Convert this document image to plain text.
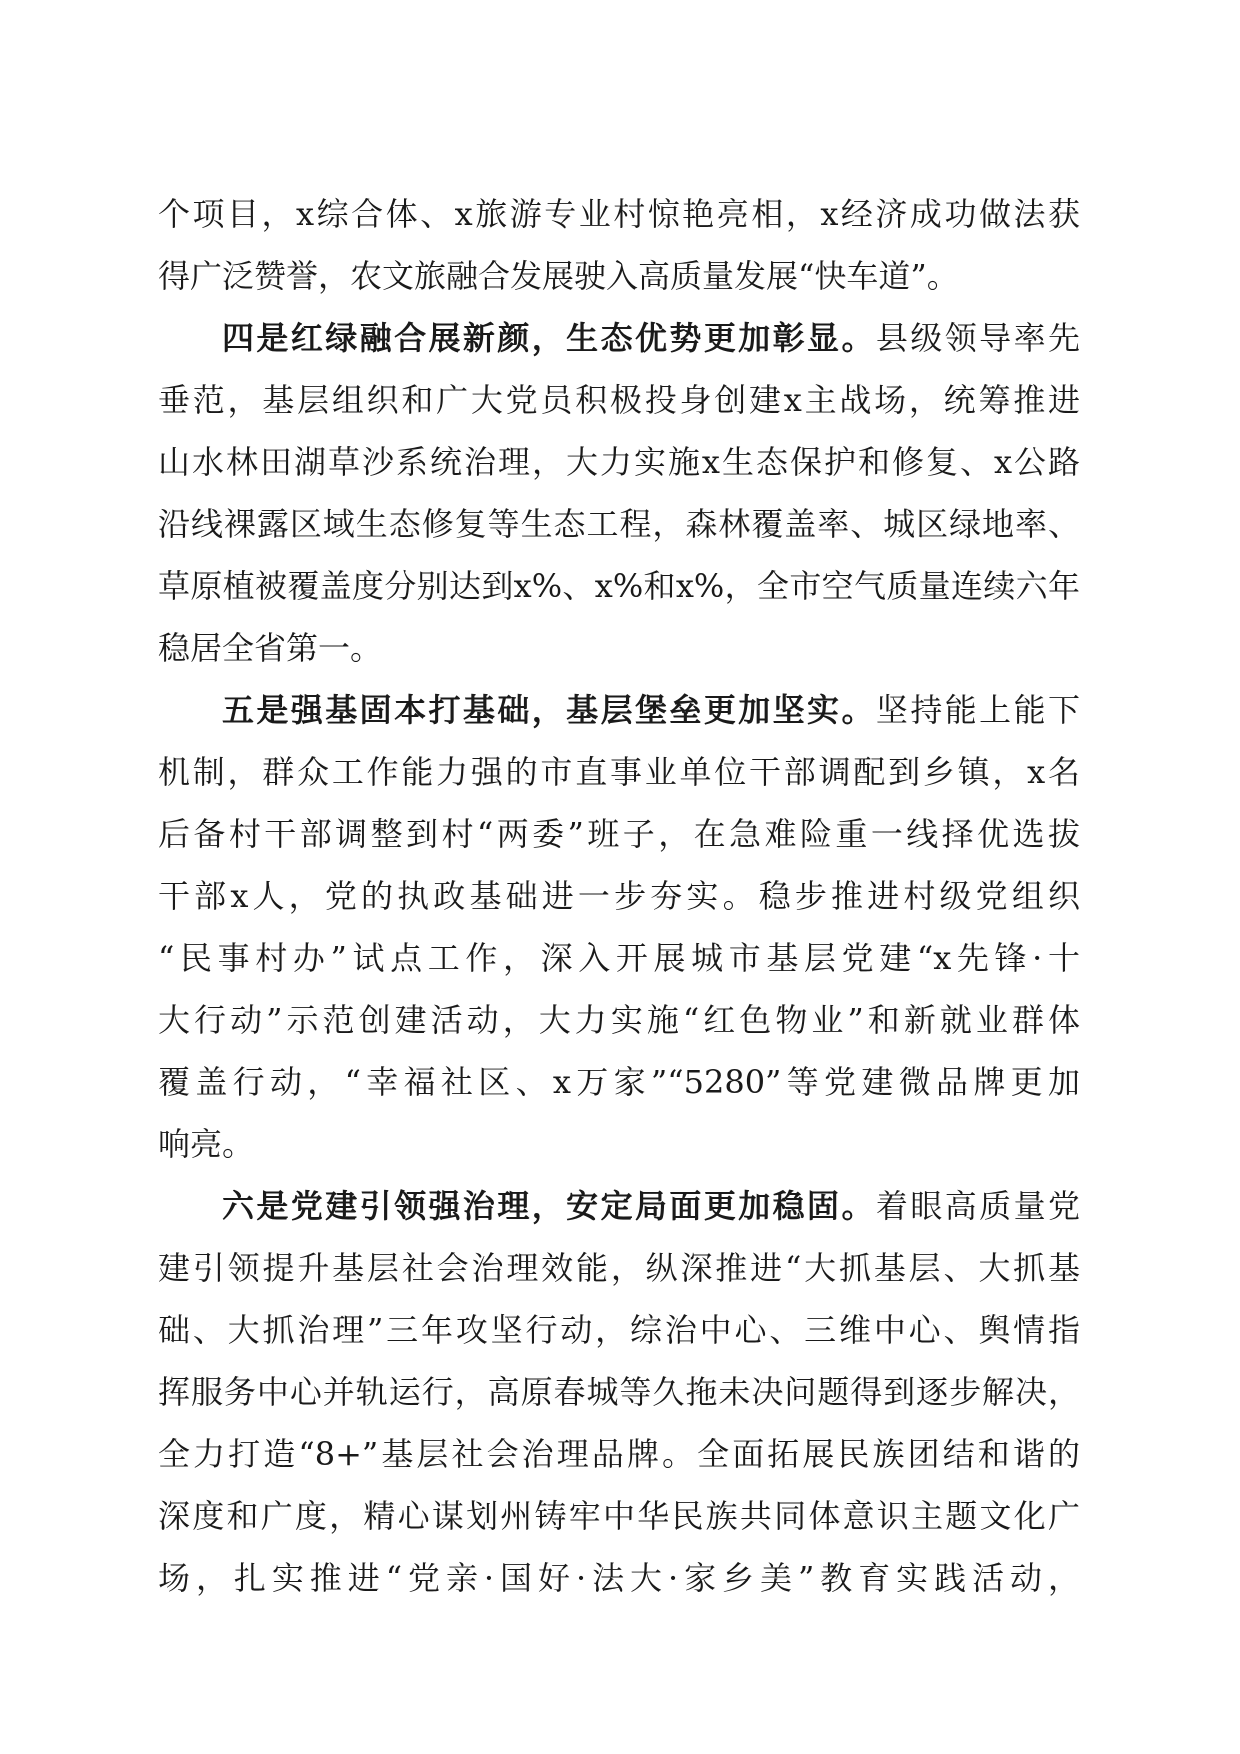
个项目，x综合体、x旅游专业村惊艳亮相，x经济成功做法获
得广泛赞誉，农文旅融合发展驶入高质量发展“快车道”。
四是红绿融合展新颜，生态优势更加彰显。县级领导率先
垂范，基层组织和广大党员积极投身创建x主战场，统筹推进
山水林田湖草沙系统治理，大力实施x生态保护和修复、x公路
沿线裸露区域生态修复等生态工程，森林覆盖率、城区绿地率、
草原植被覆盖度分别达到x%、x%和x%，全市空气质量连续六年
稳居全省第一。
五是强基固本打基础，基层堡垒更加坚实。坚持能上能下
机制，群众工作能力强的市直事业单位干部调配到乡镇，x名
后备村干部调整到村“两委”班子，在急难险重一线择优选拔
干部x人，党的执政基础进一步夯实。稳步推进村级党组织
“民事村办”试点工作，深入开展城市基层党建“x先锋·十
大行动”示范创建活动，大力实施“红色物业”和新就业群体
覆盖行动，“幸福社区、x万家”“5280”等党建微品牌更加
响亮。
六是党建引领强治理，安定局面更加稳固。着眼高质量党
建引领提升基层社会治理效能，纵深推进“大抓基层、大抓基
础、大抓治理”三年攻坚行动，综治中心、三维中心、舆情指
挥服务中心并轨运行，高原春城等久拖未决问题得到逐步解决，
全力打造“8+”基层社会治理品牌。全面拓展民族团结和谐的
深度和广度，精心谋划州铸牢中华民族共同体意识主题文化广
场，扎实推进“党亲·国好·法大·家乡美”教育实践活动，
